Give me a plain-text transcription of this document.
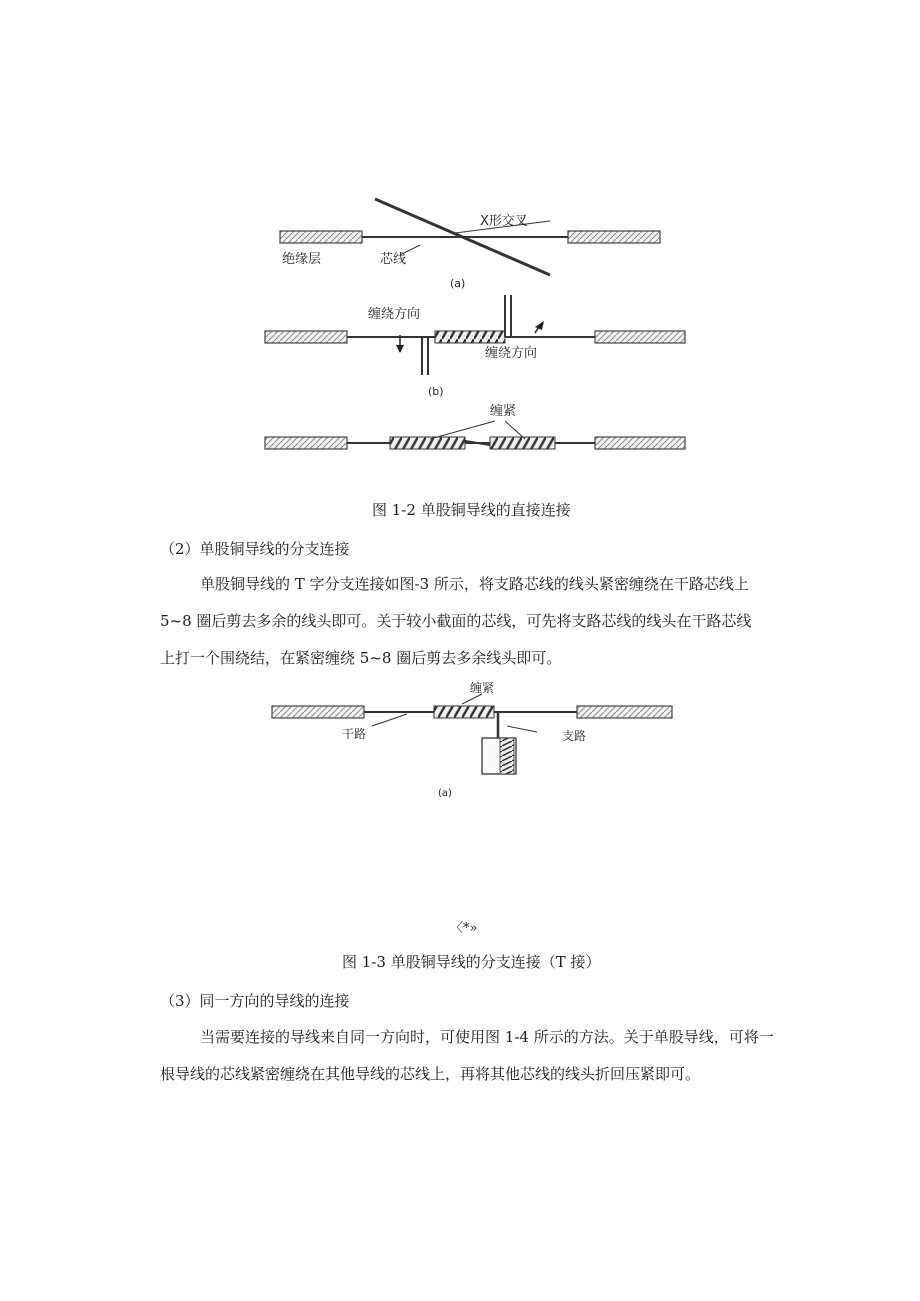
X形交叉
绝缘层	芯线
(a)
缠绕方向
缠绕方向
(b)
缠紧
图 1-2 单股铜导线的直接连接
（2）单股铜导线的分支连接
单股铜导线的 T 字分支连接如图-3 所示，将支路芯线的线头紧密缠绕在干路芯线上
5~8 圈后剪去多余的线头即可。关于较小截面的芯线，可先将支路芯线的线头在干路芯线
上打一个围绕结，在紧密缠绕 5~8 圈后剪去多余线头即可。
缠紧
干路	支路
(a)
〈*»
图 1-3 单股铜导线的分支连接（T 接）
（3）同一方向的导线的连接
当需要连接的导线来自同一方向时，可使用图 1-4 所示的方法。关于单股导线，可将一
根导线的芯线紧密缠绕在其他导线的芯线上，再将其他芯线的线头折回压紧即可。
